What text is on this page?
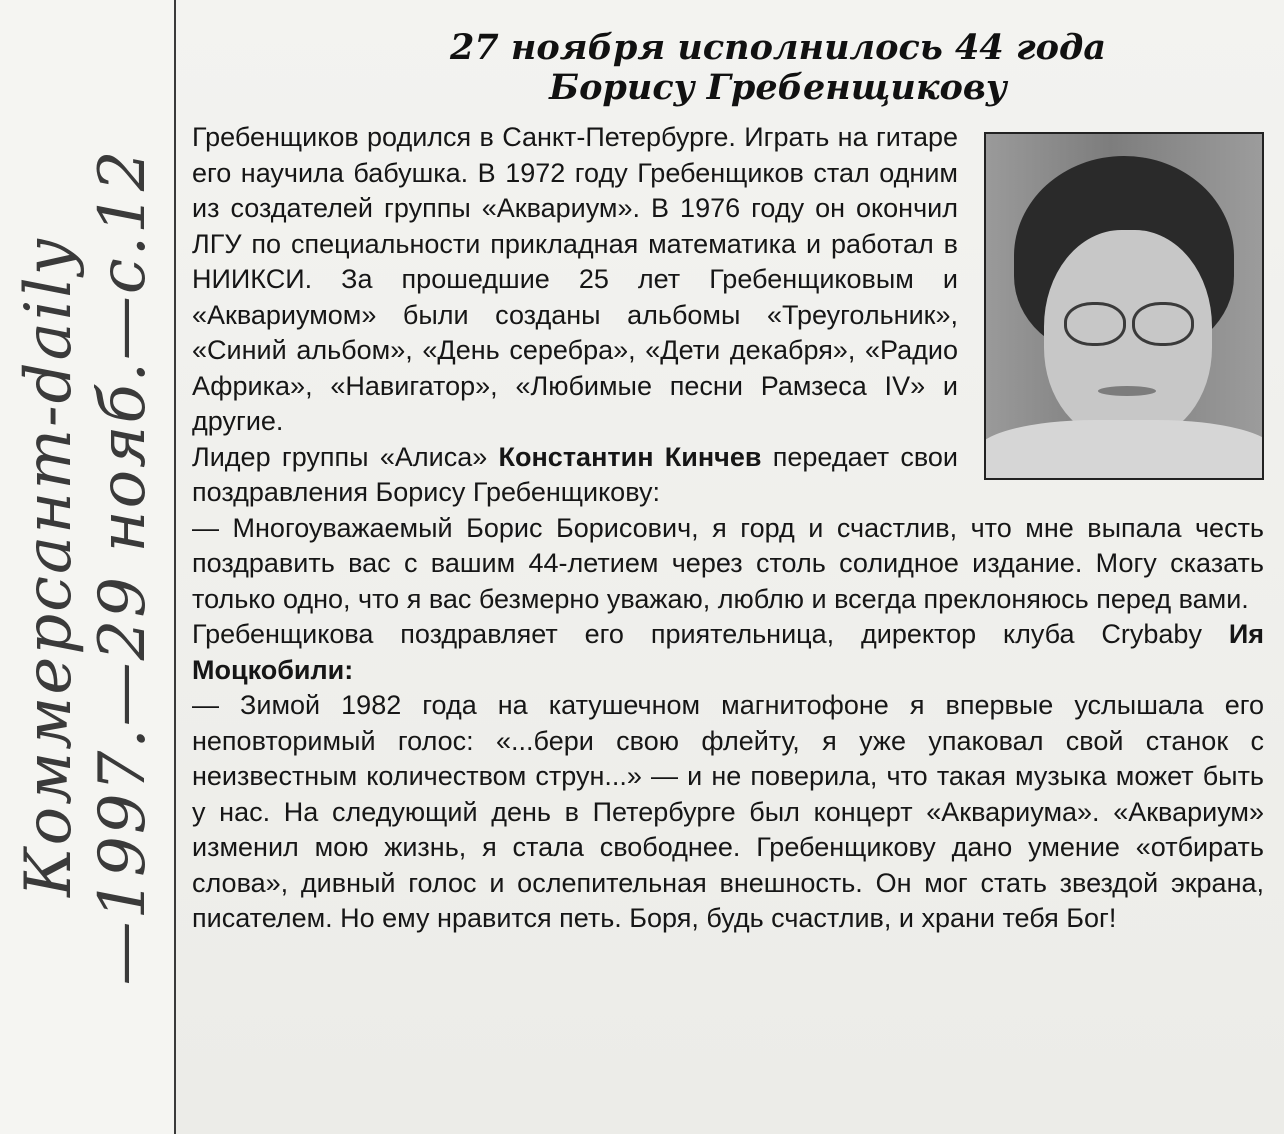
Коммерсант-daily —1997.—29 нояб.—с.12
27 ноября исполнилось 44 года
Борису Гребенщикову

Гребенщиков родился в Санкт-Петербурге. Играть на гитаре его научила бабушка. В 1972 году Гребенщиков стал одним из создателей группы «Аквариум». В 1976 году он окончил ЛГУ по специальности прикладная математика и работал в НИИКСИ. За прошедшие 25 лет Гребенщиковым и «Аквариумом» были созданы альбомы «Треугольник», «Синий альбом», «День серебра», «Дети декабря», «Радио Африка», «Навигатор», «Любимые песни Рамзеса IV» и другие.

Лидер группы «Алиса» Константин Кинчев передает свои поздравления Борису Гребенщикову:

— Многоуважаемый Борис Борисович, я горд и счастлив, что мне выпала честь поздравить вас с вашим 44-летием через столь солидное издание. Могу сказать только одно, что я вас безмерно уважаю, люблю и всегда преклоняюсь перед вами.

Гребенщикова поздравляет его приятельница, директор клуба Crybaby Ия Моцкобили:

— Зимой 1982 года на катушечном магнитофоне я впервые услышала его неповторимый голос: «...бери свою флейту, я уже упаковал свой станок с неизвестным количеством струн...» — и не поверила, что такая музыка может быть у нас. На следующий день в Петербурге был концерт «Аквариума». «Аквариум» изменил мою жизнь, я стала свободнее. Гребенщикову дано умение «отбирать слова», дивный голос и ослепительная внешность. Он мог стать звездой экрана, писателем. Но ему нравится петь. Боря, будь счастлив, и храни тебя Бог!
